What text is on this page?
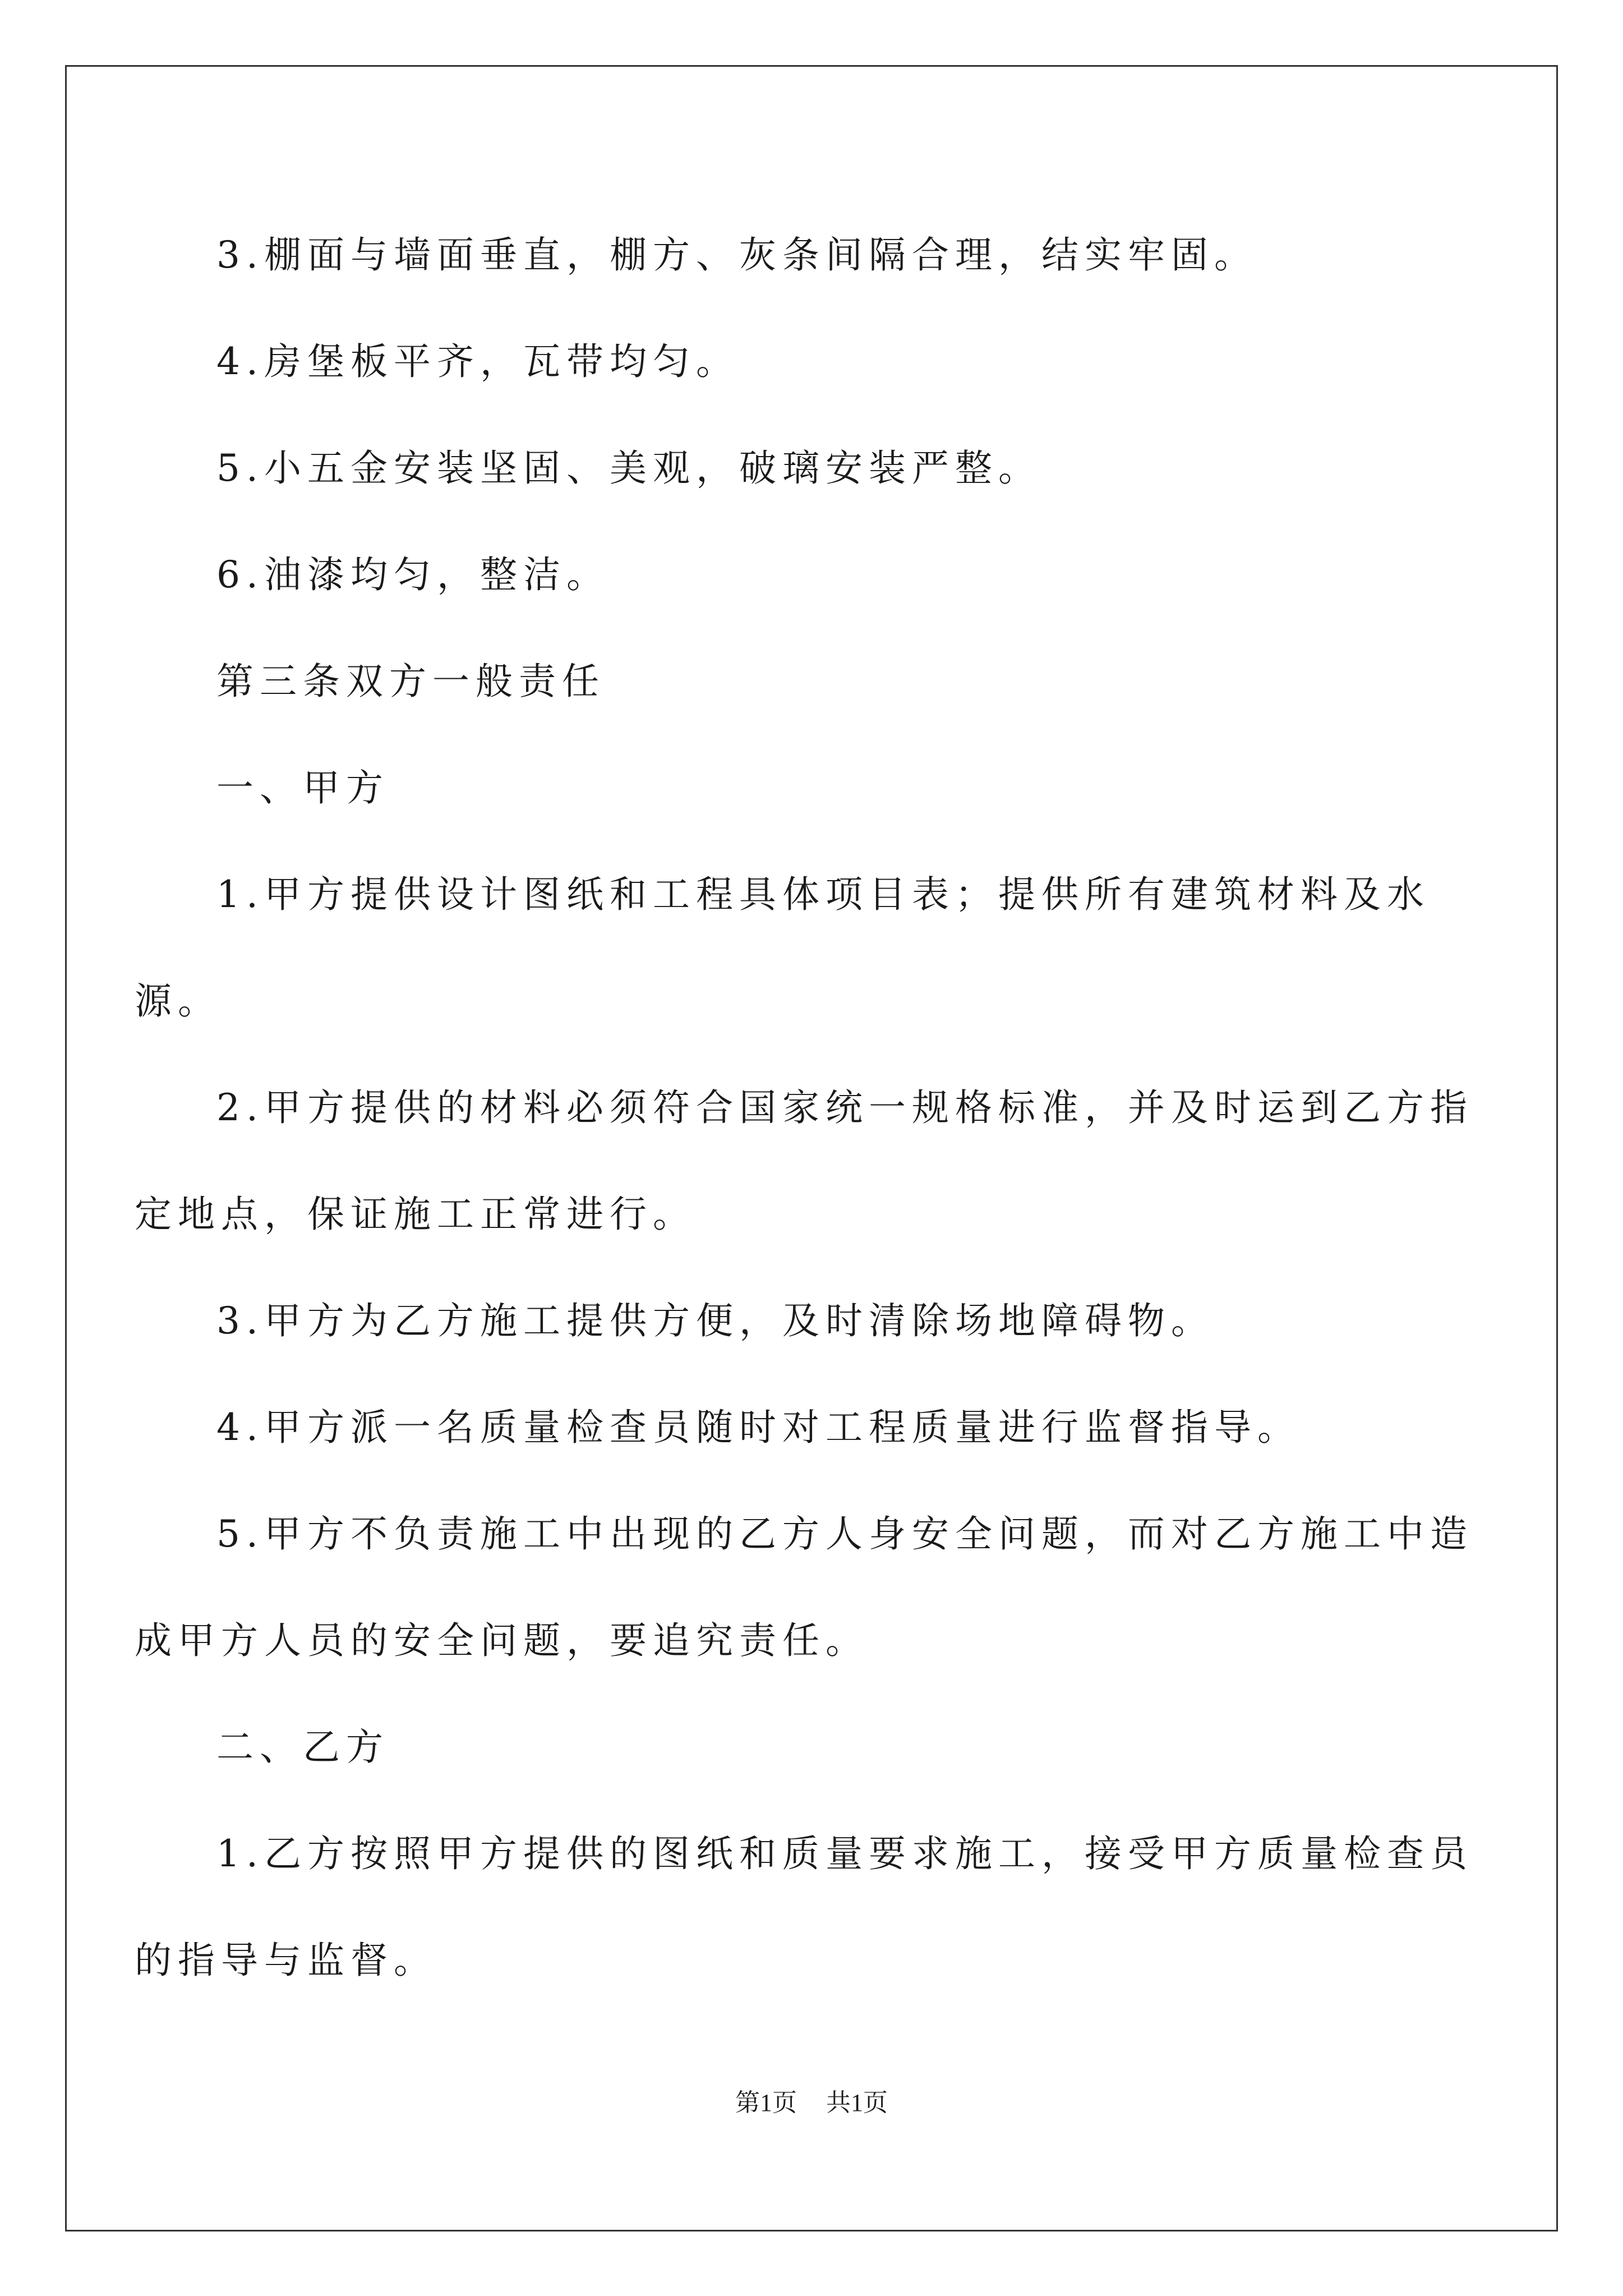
3.棚面与墙面垂直，棚方、灰条间隔合理，结实牢固。

4.房堡板平齐，瓦带均匀。

5.小五金安装坚固、美观，破璃安装严整。

6.油漆均匀，整洁。

第三条双方一般责任

一、甲方

1.甲方提供设计图纸和工程具体项目表；提供所有建筑材料及水源。

2.甲方提供的材料必须符合国家统一规格标准，并及时运到乙方指定地点，保证施工正常进行。

3.甲方为乙方施工提供方便，及时清除场地障碍物。

4.甲方派一名质量检查员随时对工程质量进行监督指导。

5.甲方不负责施工中出现的乙方人身安全问题，而对乙方施工中造成甲方人员的安全问题，要追究责任。

二、乙方

1.乙方按照甲方提供的图纸和质量要求施工，接受甲方质量检查员的指导与监督。

第1页 共1页
